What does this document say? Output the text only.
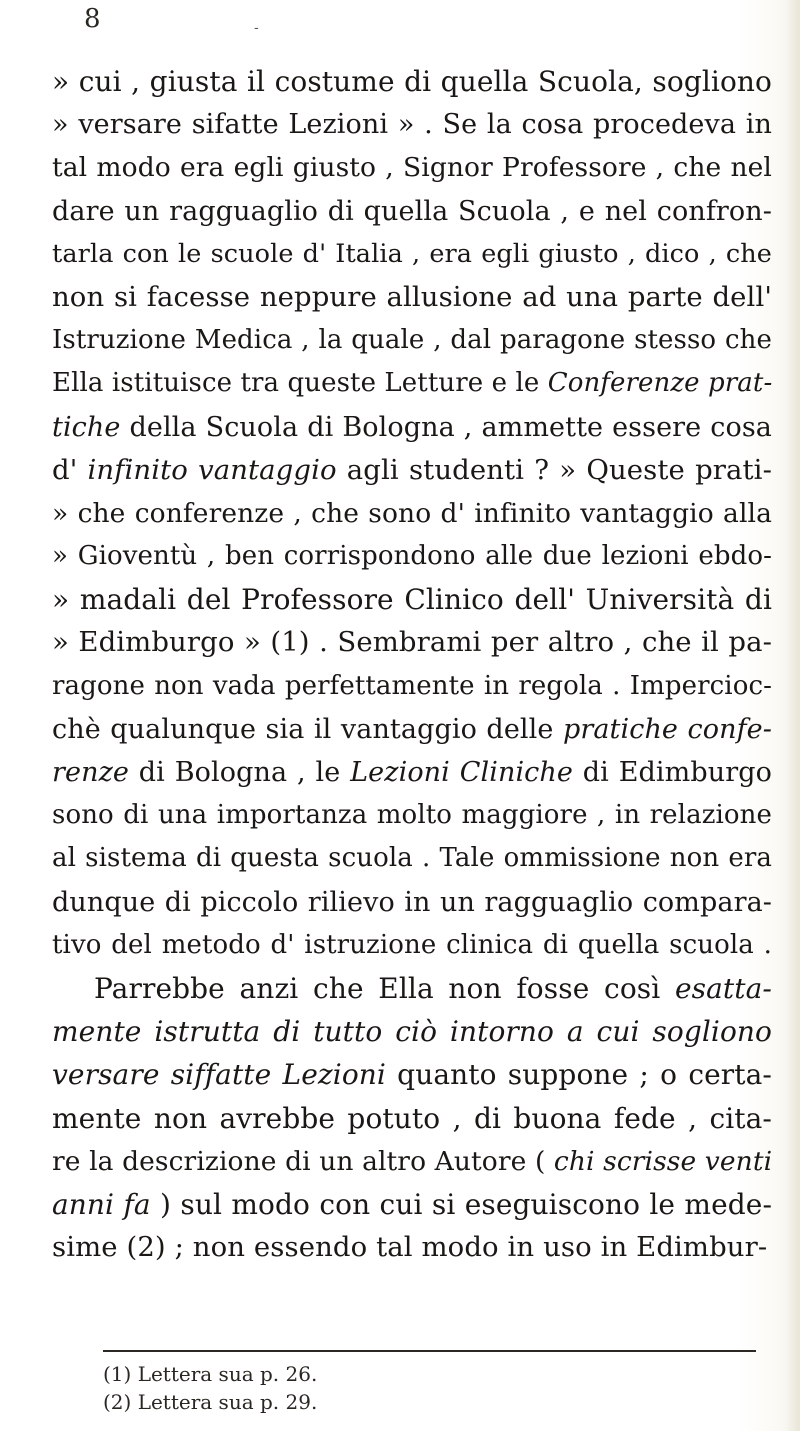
8	-
» cui , giusta il costume di quella Scuola, sogliono
» versare sifatte Lezioni » . Se la cosa procedeva in
tal modo era egli giusto , Signor Professore , che nel
dare un ragguaglio di quella Scuola , e nel confron-
tarla con le scuole d' Italia , era egli giusto , dico , che
non si facesse neppure allusione ad una parte dell'
Istruzione Medica , la quale , dal paragone stesso che
Ella istituisce tra queste Letture e le Conferenze prat-
tiche della Scuola di Bologna , ammette essere cosa
d' infinito vantaggio agli studenti ? » Queste prati-
» che conferenze , che sono d' infinito vantaggio alla
» Gioventù , ben corrispondono alle due lezioni ebdo-
» madali del Professore Clinico dell' Università di
» Edimburgo » (1) . Sembrami per altro , che il pa-
ragone non vada perfettamente in regola . Impercioc-
chè qualunque sia il vantaggio delle pratiche confe-
renze di Bologna , le Lezioni Cliniche di Edimburgo
sono di una importanza molto maggiore , in relazione
al sistema di questa scuola . Tale ommissione non era
dunque di piccolo rilievo in un ragguaglio compara-
tivo del metodo d' istruzione clinica di quella scuola .
Parrebbe anzi che Ella non fosse così esatta-
mente istrutta di tutto ciò intorno a cui sogliono
versare siffatte Lezioni quanto suppone ; o certa-
mente non avrebbe potuto , di buona fede , cita-
re la descrizione di un altro Autore ( chi scrisse venti
anni fa ) sul modo con cui si eseguiscono le mede-
sime (2) ; non essendo tal modo in uso in Edimbur-
(1) Lettera sua p. 26.
(2) Lettera sua p. 29.
